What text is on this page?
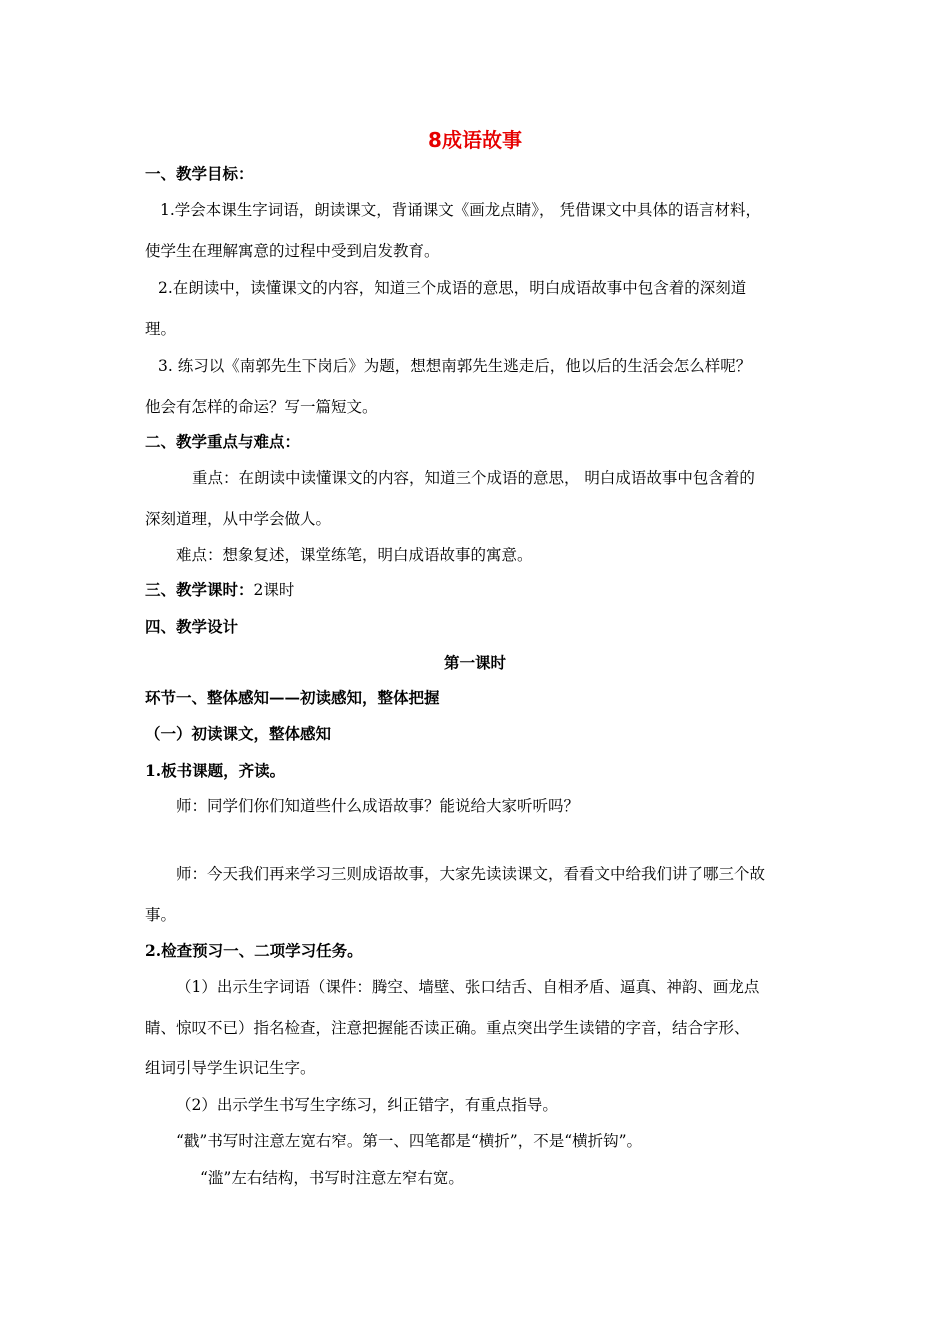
8成语故事
一、教学目标：
1.学会本课生字词语，朗读课文，背诵课文《画龙点睛》， 凭借课文中具体的语言材料，
使学生在理解寓意的过程中受到启发教育。
2.在朗读中，读懂课文的内容，知道三个成语的意思，明白成语故事中包含着的深刻道
理。
3. 练习以《南郭先生下岗后》为题，想想南郭先生逃走后，他以后的生活会怎么样呢？
他会有怎样的命运？写一篇短文。
二、教学重点与难点：
重点：在朗读中读懂课文的内容，知道三个成语的意思， 明白成语故事中包含着的
深刻道理，从中学会做人。
难点：想象复述，课堂练笔，明白成语故事的寓意。
三、教学课时：2课时
四、教学设计
第一课时
环节一、整体感知——初读感知，整体把握
（一）初读课文，整体感知
1.板书课题，齐读。
师：同学们你们知道些什么成语故事？能说给大家听听吗？
师：今天我们再来学习三则成语故事，大家先读读课文，看看文中给我们讲了哪三个故
事。
2.检查预习一、二项学习任务。
（1）出示生字词语（课件：腾空、墙壁、张口结舌、自相矛盾、逼真、神韵、画龙点
睛、惊叹不已）指名检查，注意把握能否读正确。重点突出学生读错的字音，结合字形、
组词引导学生识记生字。
（2）出示学生书写生字练习，纠正错字，有重点指导。
“戳”书写时注意左宽右窄。第一、四笔都是“横折”，不是“横折钩”。
“滥”左右结构，书写时注意左窄右宽。
